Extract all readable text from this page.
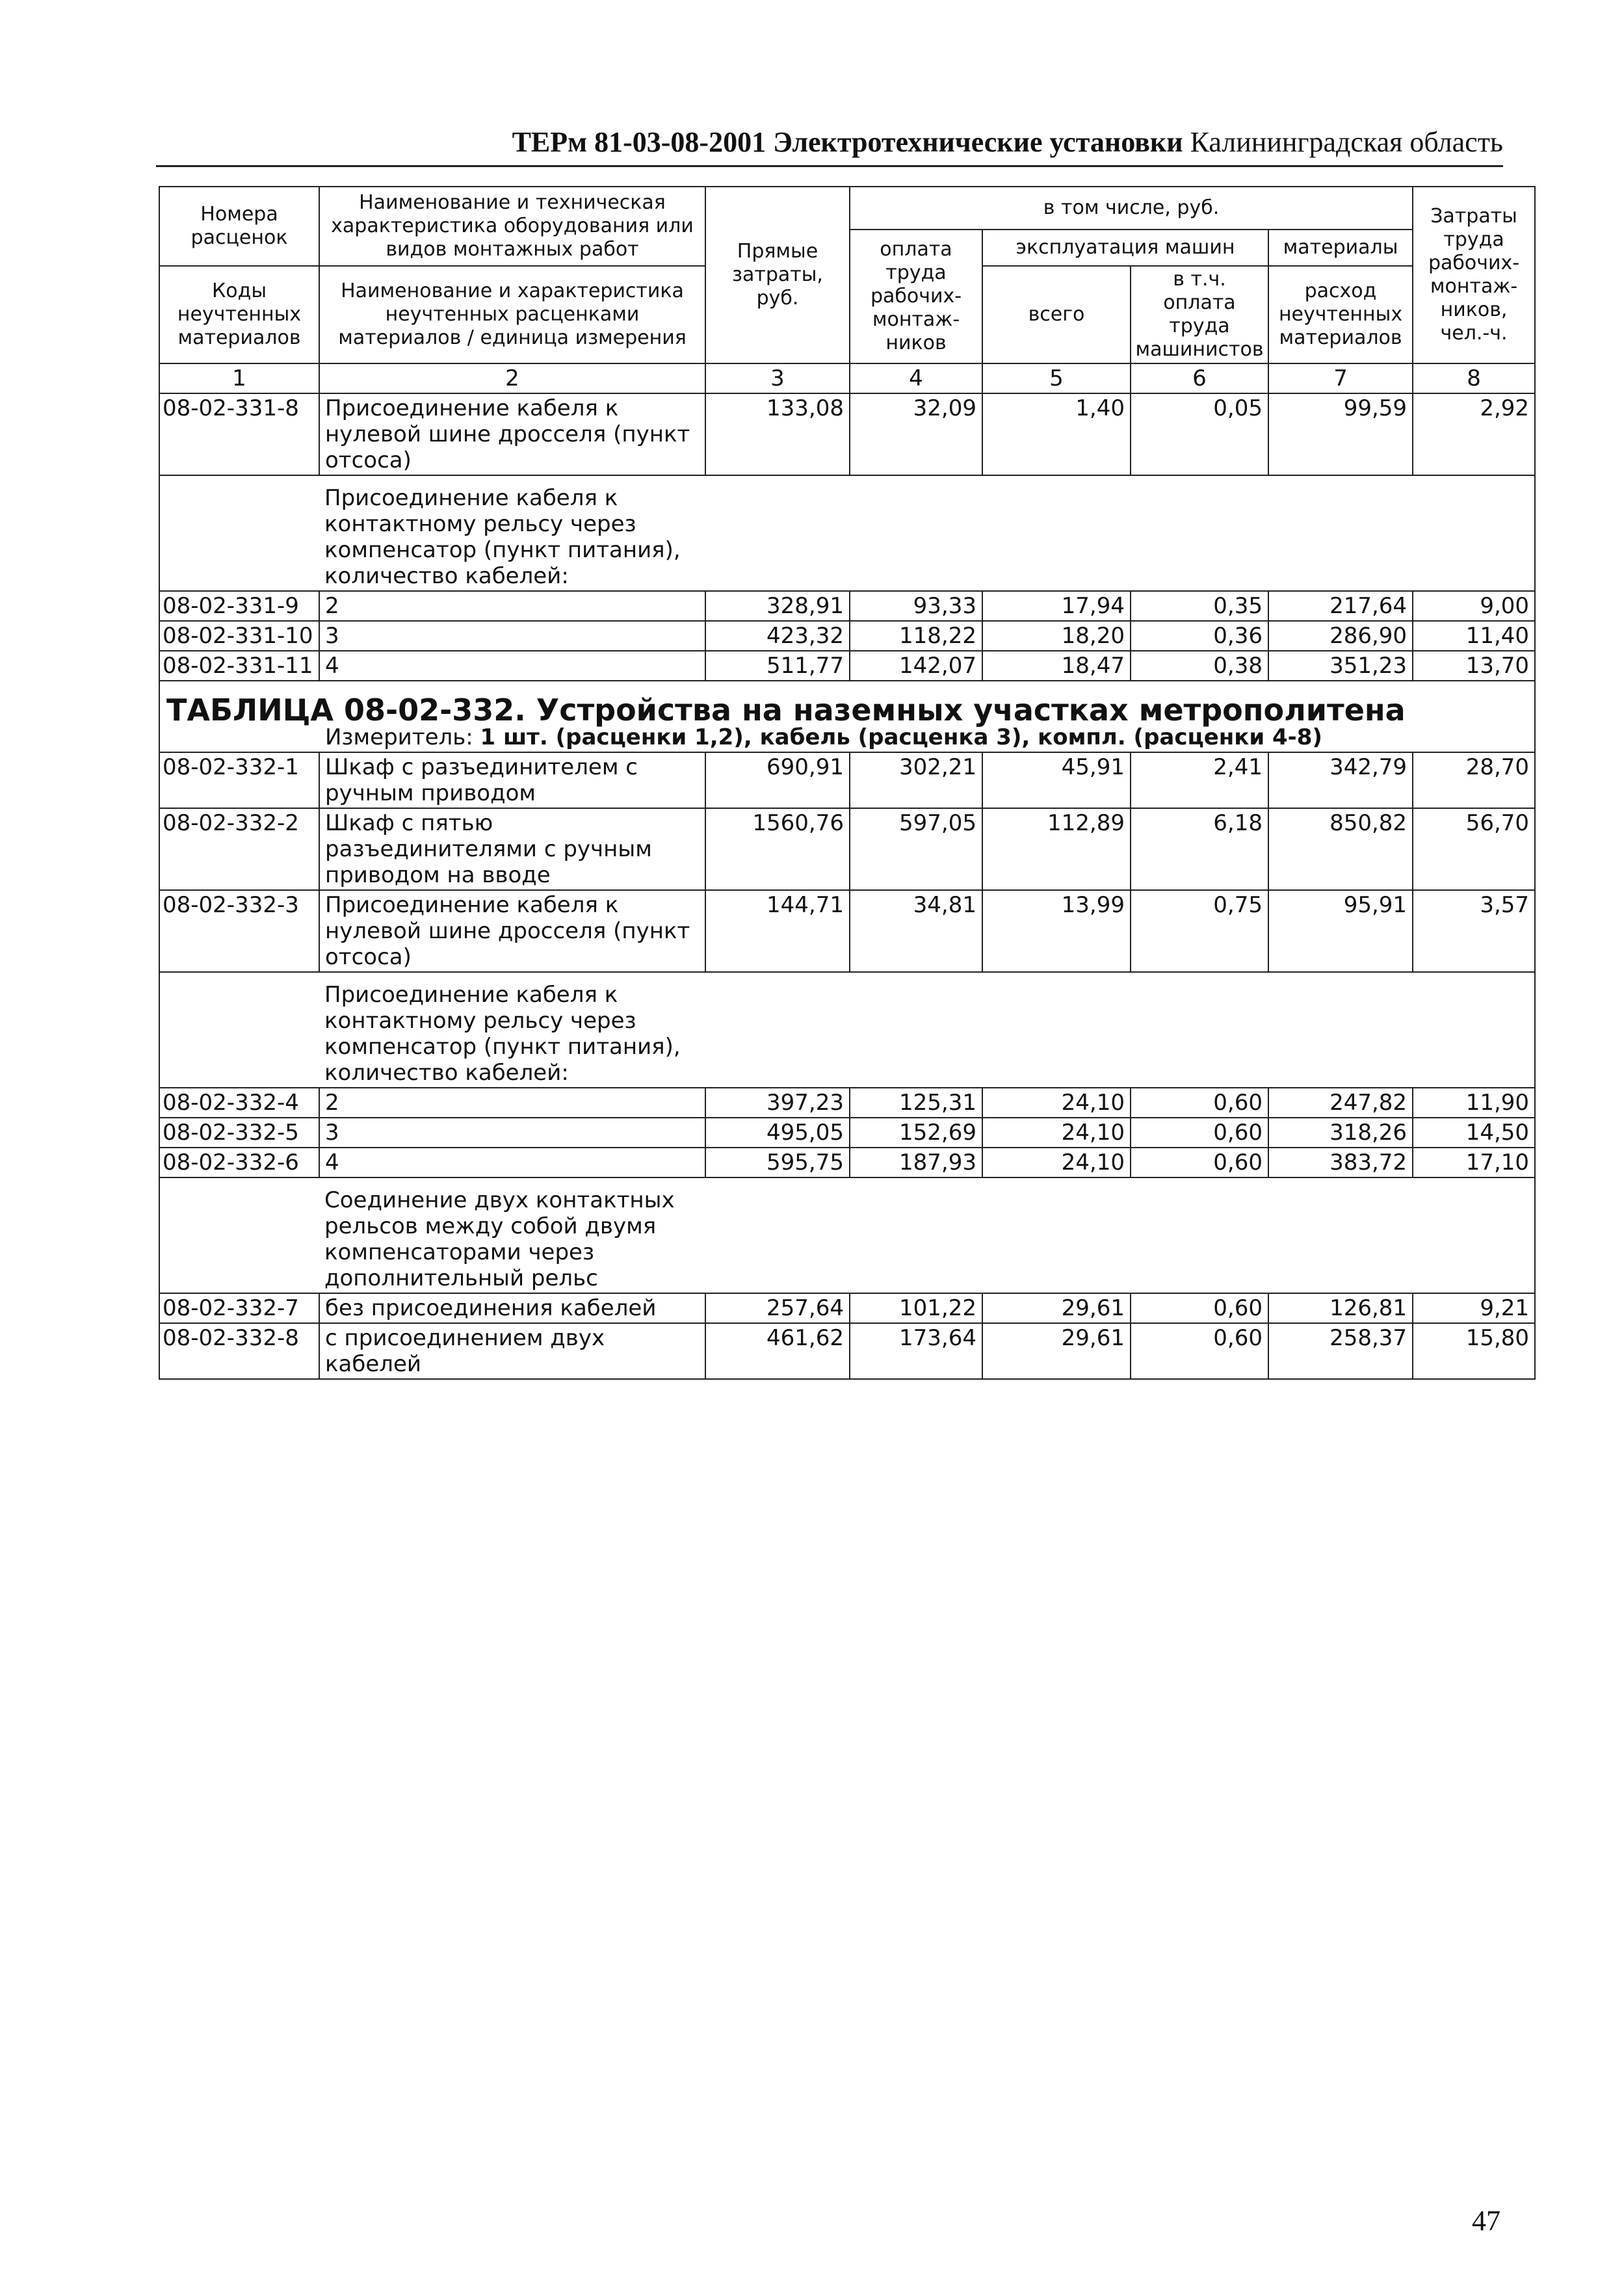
ТЕРм 81-03-08-2001 Электротехнические установки Калининградская область
Номера расценок	Наименование и техническая характеристика оборудования или видов монтажных работ	Прямые затраты, руб.	в том числе, руб.				Затраты труда рабочих-монтаж-ников, чел.-ч.
			оплата труда рабочих-монтаж-ников	эксплуатация машин		материалы	
Коды неучтенных материалов	Наименование и характеристика неучтенных расценками материалов / единица измерения			всего	в т.ч. оплата труда машинистов	расход неучтенных материалов	

1	2	3	4	5	6	7	8
08-02-331-8	Присоединение кабеля к нулевой шине дросселя (пункт отсоса)	133,08	32,09	1,40	0,05	99,59	2,92

	Присоединение кабеля к контактному рельсу через компенсатор (пункт питания), количество кабелей:						

08-02-331-9	2	328,91	93,33	17,94	0,35	217,64	9,00
08-02-331-10	3	423,32	118,22	18,20	0,36	286,90	11,40
08-02-331-11	4	511,77	142,07	18,47	0,38	351,23	13,70
ТАБЛИЦА 08-02-332. Устройства на наземных участках метрополитена							
Измеритель: 1 шт. (расценки 1,2), кабель (расценка 3), компл. (расценки 4-8)							
08-02-332-1	Шкаф с разъединителем с ручным приводом	690,91	302,21	45,91	2,41	342,79	28,70
08-02-332-2	Шкаф с пятью разъединителями с ручным приводом на вводе	1560,76	597,05	112,89	6,18	850,82	56,70
08-02-332-3	Присоединение кабеля к нулевой шине дросселя (пункт отсоса)	144,71	34,81	13,99	0,75	95,91	3,57

	Присоединение кабеля к контактному рельсу через компенсатор (пункт питания), количество кабелей:						

08-02-332-4	2	397,23	125,31	24,10	0,60	247,82	11,90
08-02-332-5	3	495,05	152,69	24,10	0,60	318,26	14,50
08-02-332-6	4	595,75	187,93	24,10	0,60	383,72	17,10

	Соединение двух контактных рельсов между собой двумя компенсаторами через дополнительный рельс						

08-02-332-7	без присоединения кабелей	257,64	101,22	29,61	0,60	126,81	9,21
08-02-332-8	с присоединением двух кабелей	461,62	173,64	29,61	0,60	258,37	15,80
47
